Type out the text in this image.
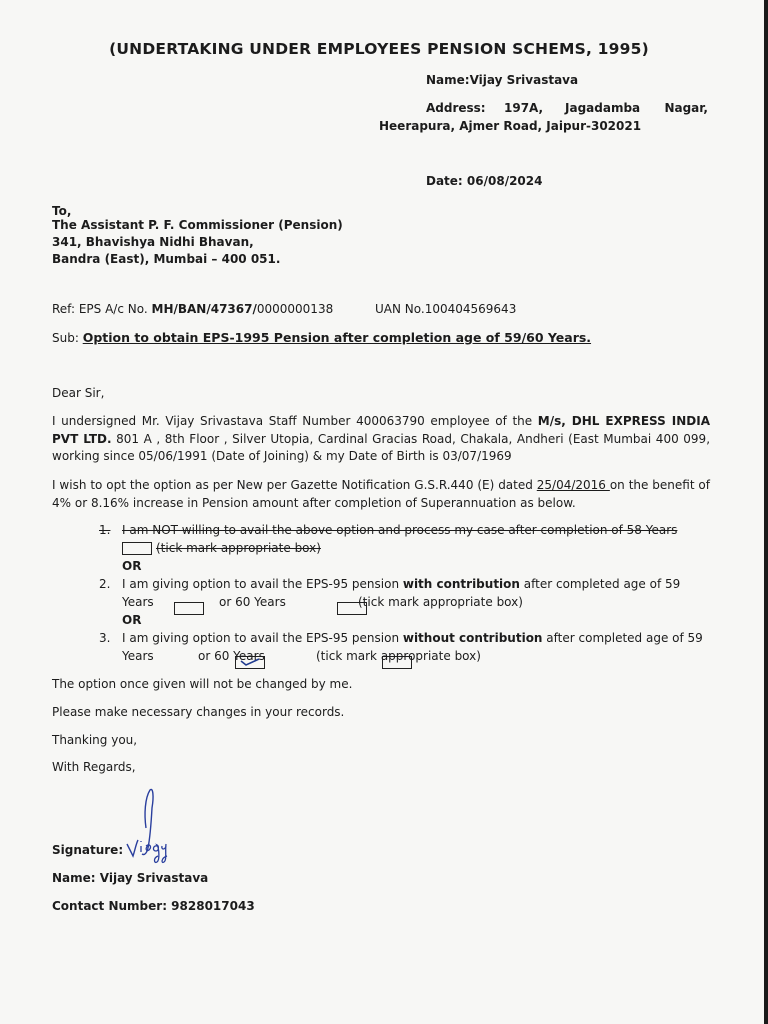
(UNDERTAKING UNDER EMPLOYEES PENSION SCHEMS, 1995)
Name:Vijay Srivastava
Address: 197A, Jagadamba Nagar,
Heerapura, Ajmer Road, Jaipur-302021
Date: 06/08/2024
To,
The Assistant P. F. Commissioner (Pension)
341, Bhavishya Nidhi Bhavan,
Bandra (East), Mumbai – 400 051.
Ref: EPS A/c No. MH/BAN/47367/0000000138	UAN No.100404569643
Sub: Option to obtain EPS-1995 Pension after completion age of 59/60 Years.
Dear Sir,
I undersigned Mr. Vijay Srivastava Staff Number 400063790 employee of the M/s, DHL EXPRESS INDIA PVT LTD. 801 A , 8th Floor , Silver Utopia, Cardinal Gracias Road, Chakala, Andheri (East Mumbai 400 099, working since 05/06/1991 (Date of Joining) & my Date of Birth is 03/07/1969
I wish to opt the option as per New per Gazette Notification G.S.R.440 (E) dated 25/04/2016 on the benefit of 4% or 8.16% increase in Pension amount after completion of Superannuation as below.
1. I am NOT willing to avail the above option and process my case after completion of 58 Years
(tick mark appropriate box)
OR
2. I am giving option to avail the EPS-95 pension with contribution after completed age of 59
Years
	or 60 Years
	(tick mark appropriate box)
OR
3. I am giving option to avail the EPS-95 pension without contribution after completed age of 59
Years
	or 60 Years	(tick mark appropriate box)
The option once given will not be changed by me.
Please make necessary changes in your records.
Thanking you,
With Regards,
Signature:
Name: Vijay Srivastava
Contact Number: 9828017043
